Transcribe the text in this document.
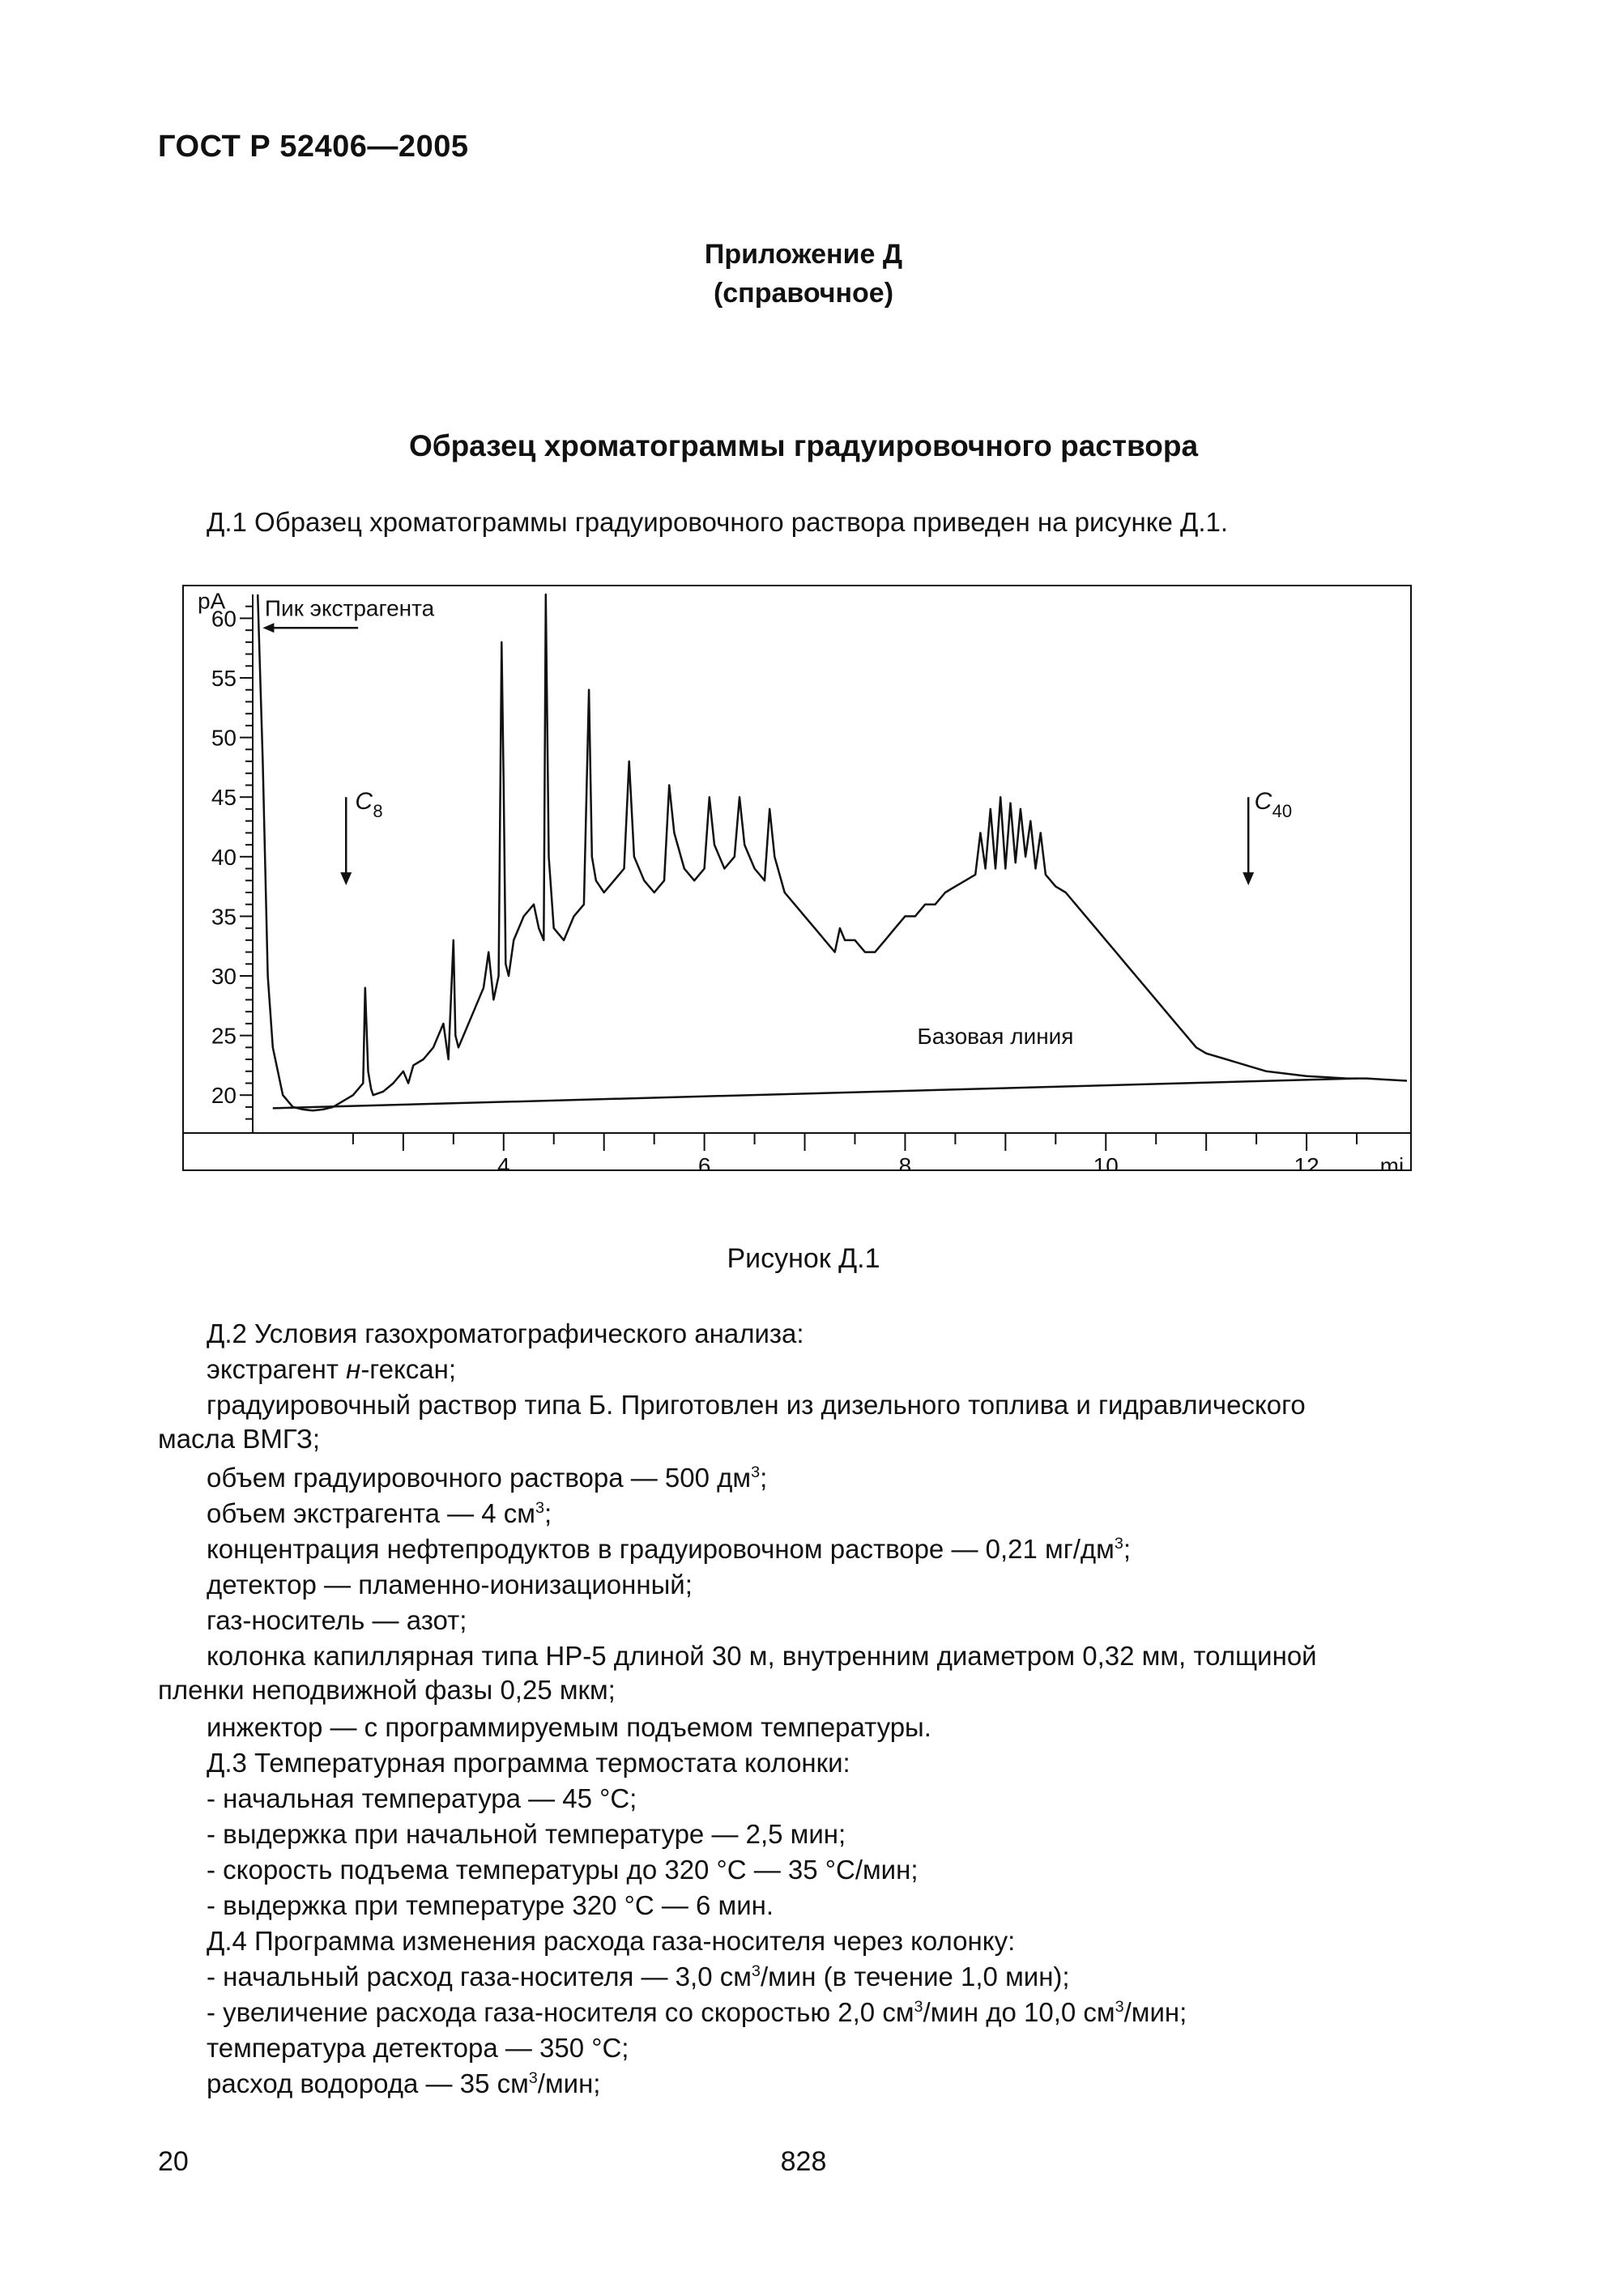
ГОСТ Р 52406—2005
Приложение Д
(справочное)
Образец хроматограммы градуировочного раствора
Д.1 Образец хроматограммы градуировочного раствора приведен на рисунке Д.1.
20
25
30
35
40
45
50
55
60
pA
4	6	8	10	12	mi
Пик экстрагента
C 8	C 40
Базовая линия
Рисунок Д.1
Д.2 Условия газохроматографического анализа:
экстрагент н-гексан;
градуировочный раствор типа Б. Приготовлен из дизельного топлива и гидравлического
масла ВМГЗ;
объем градуировочного раствора — 500 $дм^3$;
объем экстрагента — 4 $см^3$;
концентрация нефтепродуктов в градуировочном растворе — 0,21 $мг/дм^3$;
детектор — пламенно-ионизационный;
газ-носитель — азот;
колонка капиллярная типа НР-5 длиной 30 м, внутренним диаметром 0,32 мм, толщиной
пленки неподвижной фазы 0,25 мкм;
инжектор — с программируемым подъемом температуры.
Д.3 Температурная программа термостата колонки:
- начальная температура — 45 °С;
- выдержка при начальной температуре — 2,5 мин;
- скорость подъема температуры до 320 °С — 35 °С/мин;
- выдержка при температуре 320 °С — 6 мин.
Д.4 Программа изменения расхода газа-носителя через колонку:
- начальный расход газа-носителя — 3,0 $см^3$/мин (в течение 1,0 мин);
- увеличение расхода газа-носителя со скоростью 2,0 $см^3$/мин до 10,0 $см^3$/мин;
температура детектора — 350 °С;
расход водорода — 35 $см^3$/мин;
20	828
